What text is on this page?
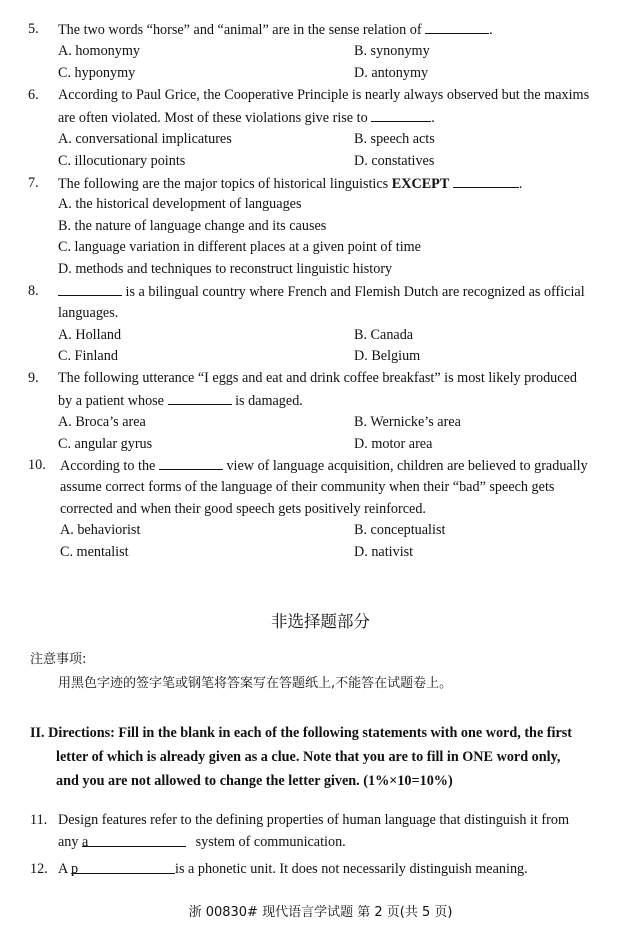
5. The two words “horse” and “animal” are in the sense relation of	.
A. homonymy	B. synonymy
C. hyponymy	D. antonymy
6. According to Paul Grice, the Cooperative Principle is nearly always observed but the maxims
are often violated. Most of these violations give rise to	.
A. conversational implicatures	B. speech acts
C. illocutionary points	D. constatives
7. The following are the major topics of historical linguistics EXCEPT	.
A. the historical development of languages
B. the nature of language change and its causes
C. language variation in different places at a given point of time
D. methods and techniques to reconstruct linguistic history
8.	is a bilingual country where French and Flemish Dutch are recognized as official
languages.
A. Holland	B. Canada
C. Finland	D. Belgium
9. The following utterance “I eggs and eat and drink coffee breakfast” is most likely produced
by a patient whose	is damaged.
A. Broca’s area	B. Wernicke’s area
C. angular gyrus	D. motor area
10. According to the	view of language acquisition, children are believed to gradually
assume correct forms of the language of their community when their “bad” speech gets
corrected and when their good speech gets positively reinforced.
A. behaviorist	B. conceptualist
C. mentalist	D. nativist
非选择题部分
注意事项:
用黑色字迹的签字笔或钢笔将答案写在答题纸上,不能答在试题卷上。
II. Directions: Fill in the blank in each of the following statements with one word, the first
letter of which is already given as a clue. Note that you are to fill in ONE word only,
and you are not allowed to change the letter given. (1%×10=10%)
11. Design features refer to the defining properties of human language that distinguish it from
any a	system of communication.
12. A p	is a phonetic unit. It does not necessarily distinguish meaning.
浙 00830# 现代语言学试题 第 2 页(共 5 页)
